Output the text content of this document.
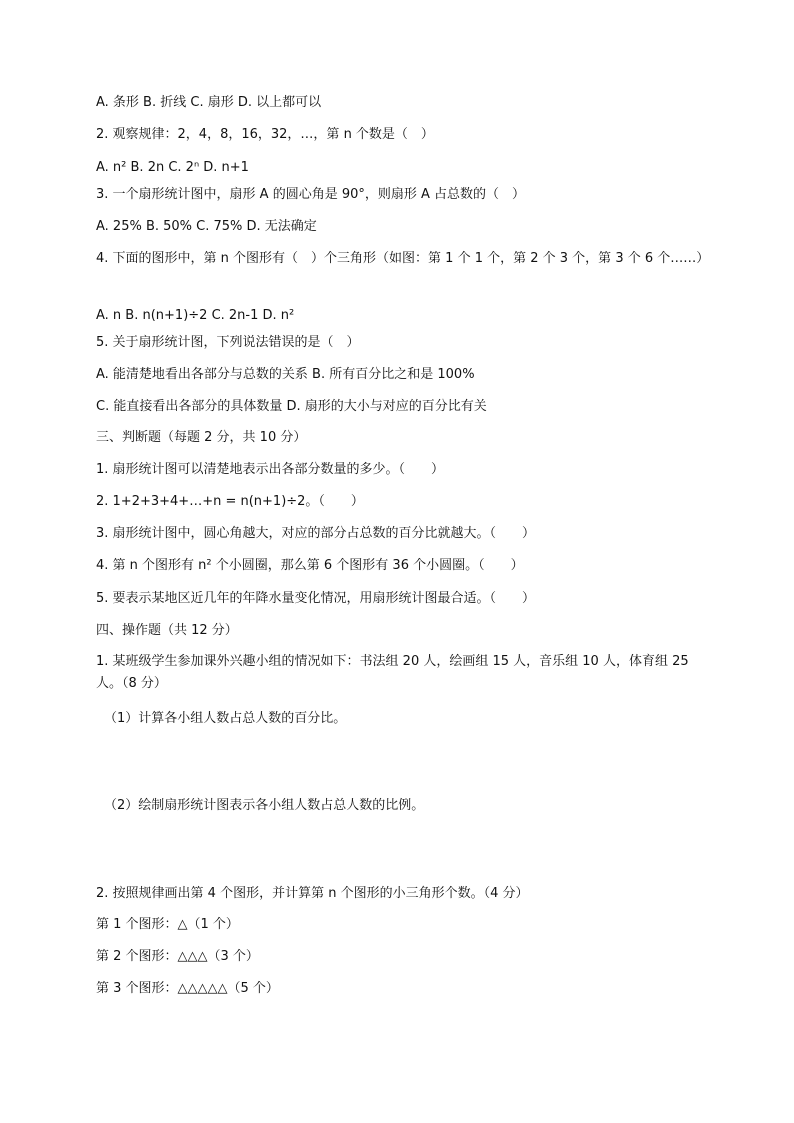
A. 条形 B. 折线 C. 扇形 D. 以上都可以
2. 观察规律：2，4，8，16，32，…，第 n 个数是（　）
A. n² B. 2n C. 2ⁿ D. n+1
3. 一个扇形统计图中，扇形 A 的圆心角是 90°，则扇形 A 占总数的（　）
A. 25% B. 50% C. 75% D. 无法确定
4. 下面的图形中，第 n 个图形有（　）个三角形（如图：第 1 个 1 个，第 2 个 3 个，第 3 个 6 个……）
A. n B. n(n+1)÷2 C. 2n-1 D. n²
5. 关于扇形统计图，下列说法错误的是（　）
A. 能清楚地看出各部分与总数的关系 B. 所有百分比之和是 100%
C. 能直接看出各部分的具体数量 D. 扇形的大小与对应的百分比有关
三、判断题（每题 2 分，共 10 分）
1. 扇形统计图可以清楚地表示出各部分数量的多少。（　　）
2. 1+2+3+4+…+n = n(n+1)÷2。（　　）
3. 扇形统计图中，圆心角越大，对应的部分占总数的百分比就越大。（　　）
4. 第 n 个图形有 n² 个小圆圈，那么第 6 个图形有 36 个小圆圈。（　　）
5. 要表示某地区近几年的年降水量变化情况，用扇形统计图最合适。（　　）
四、操作题（共 12 分）
1. 某班级学生参加课外兴趣小组的情况如下：书法组 20 人，绘画组 15 人，音乐组 10 人，体育组 25 人。（8 分）
（1）计算各小组人数占总人数的百分比。
（2）绘制扇形统计图表示各小组人数占总人数的比例。
2. 按照规律画出第 4 个图形，并计算第 n 个图形的小三角形个数。（4 分）
第 1 个图形：△（1 个）
第 2 个图形：△△△（3 个）
第 3 个图形：△△△△△（5 个）
